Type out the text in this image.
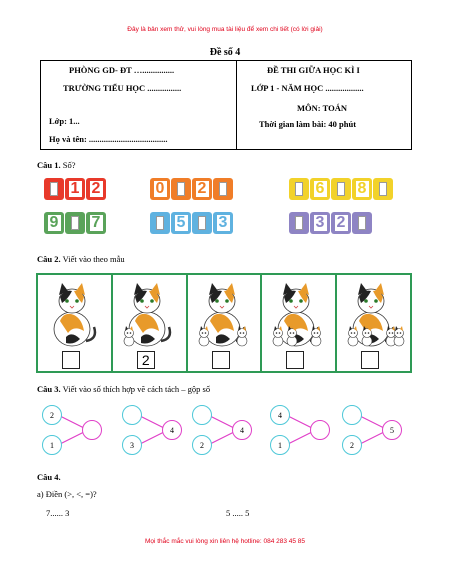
Đây là bản xem thử, vui lòng mua tài liệu để xem chi tiết (có lời giải)
Đề số 4
PHÒNG GD- ĐT …...............
TRƯỜNG TIỂU HỌC ................
Lớp: 1...
Họ và tên: .....................................
ĐỀ THI GIỮA HỌC KÌ I
LỚP 1 - NĂM HỌC ..................
MÔN: TOÁN
Thời gian làm bài: 40 phút
Câu 1. Số?
1 2	0 2	6 8
9 7	5 3	3 2
Câu 2. Viết vào theo mẫu
2
Câu 3. Viết vào số thích hợp vẽ cách tách – gộp số
2
1	3
4
2
4
4
1	2
5
Câu 4.
a) Điền (>, <, =)?
7...... 3	5 ..... 5
Mọi thắc mắc vui lòng xin liên hệ hotline: 084 283 45 85
